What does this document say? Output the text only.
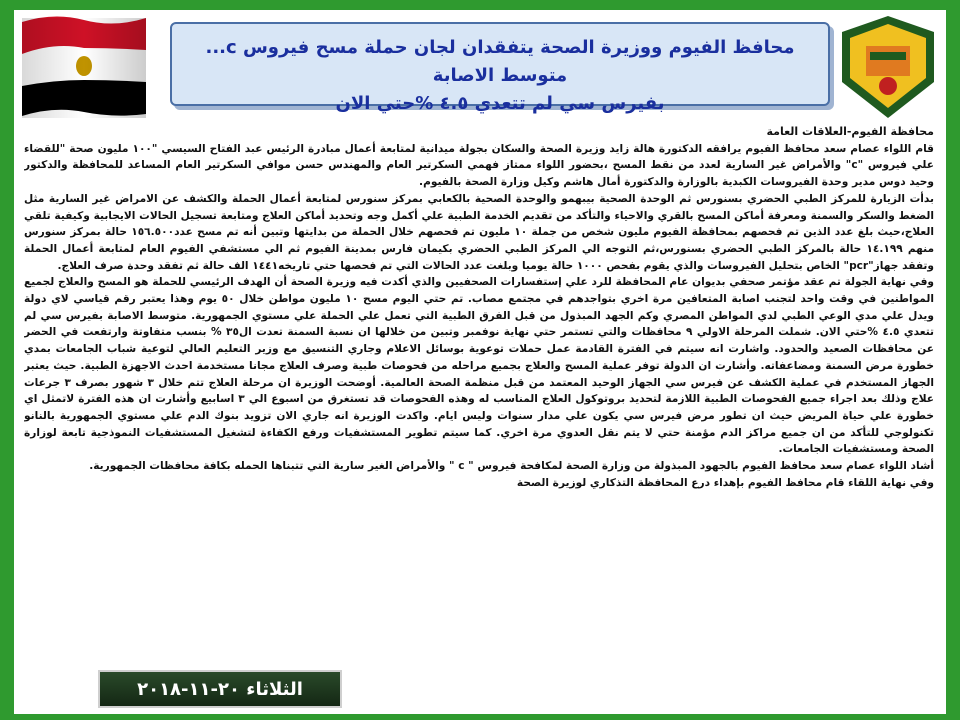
محافظ الفيوم ووزيرة الصحة يتفقدان لجان حملة مسح فيروس c... متوسط الاصابة
بفيرس سي لم تتعدي ٤.٥ %حتي الان

محافظة الفيوم-العلاقات العامة

قام اللواء عصام سعد محافظ الفيوم يرافقه الدكتورة هالة زايد وزيرة الصحة والسكان بجولة ميدانية لمتابعة أعمال مبادرة الرئيس عبد الفتاح السيسي "١٠٠ مليون صحة "للقضاء علي فيروس "c" والأمراض غير السارية لعدد من نقط المسح ،بحضور اللواء ممتاز فهمي السكرتير العام والمهندس حسن موافي السكرتير العام المساعد للمحافظة والدكتور وحيد دوس مدير وحدة الفيروسات الكبدية بالوزارة والدكتورة أمال هاشم وكيل وزارة الصحة بالفيوم.

بدأت الزيارة للمركز الطبي الحضري بسنورس ثم الوحدة الصحية بيبهمو والوحدة الصحية بالكعابي بمركز سنورس لمتابعة أعمال الحملة والكشف عن الامراض غير السارية مثل الضغط والسكر والسمنة ومعرفة أماكن المسح بالقري والاحياء والتأكد من تقديم الخدمة الطبية علي أكمل وجه وتحديد أماكن العلاج ومتابعة تسجيل الحالات الايجابية وكيفية تلقي العلاج،حيث بلغ عدد الذين تم فحصهم بمحافظة الفيوم مليون شخص من جملة ١٠ مليون تم فحصهم خلال الحملة من بدايتها وتبين أنه تم مسح عدد١٥٦.٥٠٠ حالة بمركز سنورس منهم ١٤.١٩٩ حالة بالمركز الطبي الحضري بسنورس،ثم التوجه الي المركز الطبي الحضري بكيمان فارس بمدينة الفيوم ثم الي مستشفي الفيوم العام لمتابعة أعمال الحملة وتفقد جهاز"pcr" الخاص بتحليل الفيروسات والذي يقوم بفحص ١٠٠٠ حالة يوميا وبلغت عدد الحالات التي تم فحصها حتي تاريخه١٤٤١ الف حالة ثم تفقد وحدة صرف العلاج.

وفي نهاية الجولة تم عقد مؤتمر صحفي بديوان عام المحافظة للرد علي إستفسارات الصحفيين والذي أكدت فيه وزيرة الصحة أن الهدف الرئيسي للحملة هو المسح والعلاج لجميع المواطنين في وقت واحد لتجنب اصابة المتعافين مرة اخري بتواجدهم في مجتمع مصاب. تم حتي اليوم مسح ١٠ مليون مواطن خلال ٥٠ يوم وهذا يعتبر رقم قياسي لاي دولة ويدل علي مدي الوعي الطبي لدي المواطن المصري وكم الجهد المبذول من قبل الفرق الطبية التي تعمل علي الحملة علي مستوي الجمهورية. متوسط الاصابة بفيرس سي لم تتعدي ٤.٥ %حتي الان. شملت المرحلة الاولي ٩ محافظات والتي تستمر حتي نهاية نوفمبر وتبين من خلالها ان نسبة السمنة تعدت ال٣٥ % بنسب متفاوتة وارتفعت في الحضر عن محافظات الصعيد والحدود. واشارت انه سيتم في الفترة القادمة عمل حملات توعوية بوسائل الاعلام وجاري التنسيق مع وزير التعليم العالي لتوعية شباب الجامعات بمدي خطورة مرض السمنة ومضاعفاته. وأشارت ان الدولة توفر عملية المسح والعلاج بجميع مراحله من فحوصات طبية وصرف العلاج مجانا مستخدمة احدث الاجهزة الطبية. حيث يعتبر الجهاز المستخدم في عملية الكشف عن فيرس سي الجهاز الوحيد المعتمد من قبل منظمة الصحة العالمية. أوضحت الوزيرة ان مرحلة العلاج تتم خلال ٣ شهور بصرف ٣ جرعات علاج وذلك بعد اجراء جميع الفحوصات الطبية اللازمة لتحديد بروتوكول العلاج المناسب له وهذه الفحوصات قد تستغرق من اسبوع الي ٣ اسابيع وأشارت ان هذه الفترة لاتمثل اي خطورة علي حياة المريض حيث ان تطور مرض فيرس سي يكون علي مدار سنوات وليس ايام. واكدت الوزيرة انه جاري الان تزويد بنوك الدم علي مستوي الجمهورية بالنانو تكنولوجي للتأكد من ان جميع مراكز الدم مؤمنة حتي لا يتم نقل العدوي مرة اخري. كما سيتم تطوير المستشفيات ورفع الكفاءة لتشغيل المستشفيات النموذجية تابعة لوزارة الصحة ومستشفيات الجامعات.

أشاد اللواء عصام سعد محافظ الفيوم بالجهود المبذولة من وزارة الصحة لمكافحة فيروس " c " والأمراض الغير سارية التي تتبناها الحمله بكافة محافظات الجمهورية.

وفي نهاية اللقاء قام محافظ الفيوم بإهداء درع المحافظة التذكاري لوزيرة الصحة

الثلاثاء ٢٠-١١-٢٠١٨
